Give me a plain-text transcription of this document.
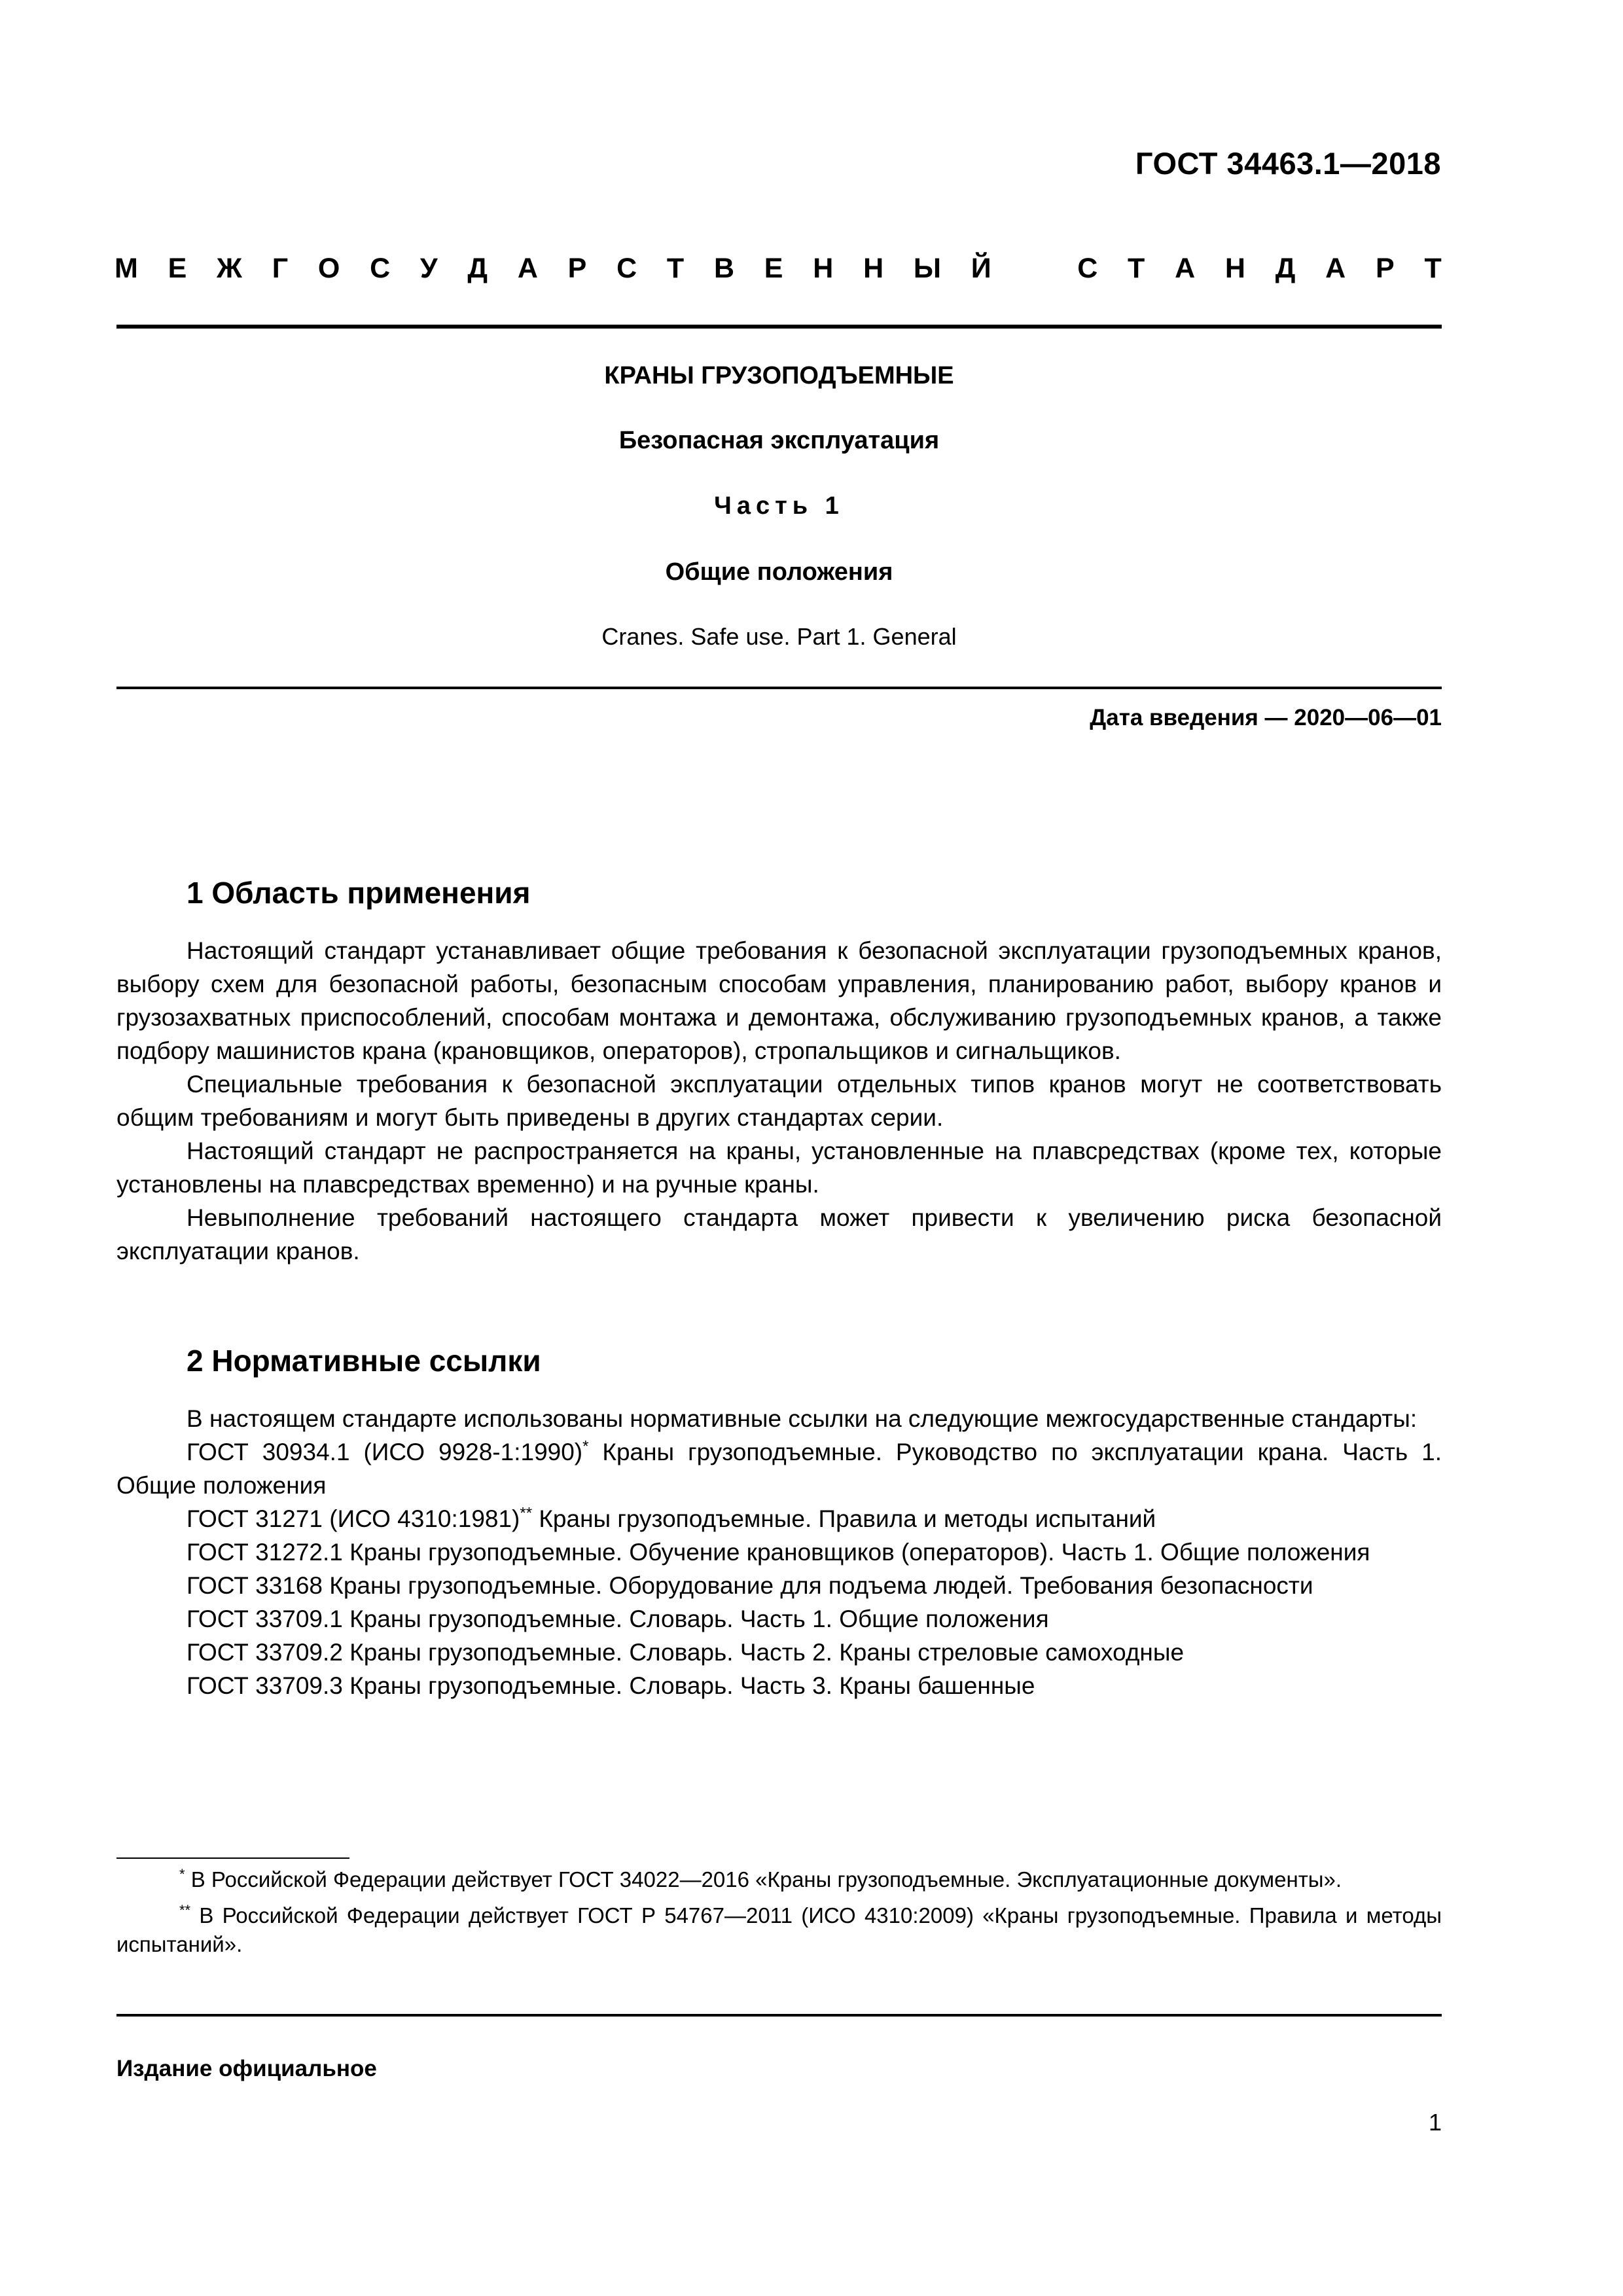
ГОСТ 34463.1—2018
М Е Ж Г О С У Д А Р С Т В Е Н Н Ы Й	С Т А Н Д А Р Т
КРАНЫ ГРУЗОПОДЪЕМНЫЕ
Безопасная эксплуатация
Часть 1
Общие положения
Cranes. Safe use. Part 1. General
Дата введения — 2020—06—01
1 Область применения

Настоящий стандарт устанавливает общие требования к безопасной эксплуатации грузоподъемных кранов, выбору схем для безопасной работы, безопасным способам управления, планированию работ, выбору кранов и грузозахватных приспособлений, способам монтажа и демонтажа, обслуживанию грузоподъемных кранов, а также подбору машинистов крана (крановщиков, операторов), стропальщиков и сигнальщиков.

Специальные требования к безопасной эксплуатации отдельных типов кранов могут не соответствовать общим требованиям и могут быть приведены в других стандартах серии.

Настоящий стандарт не распространяется на краны, установленные на плавсредствах (кроме тех, которые установлены на плавсредствах временно) и на ручные краны.

Невыполнение требований настоящего стандарта может привести к увеличению риска безопасной эксплуатации кранов.

2 Нормативные ссылки

В настоящем стандарте использованы нормативные ссылки на следующие межгосударственные стандарты:

ГОСТ 30934.1 (ИСО 9928-1:1990)* Краны грузоподъемные. Руководство по эксплуатации крана. Часть 1. Общие положения

ГОСТ 31271 (ИСО 4310:1981)** Краны грузоподъемные. Правила и методы испытаний

ГОСТ 31272.1 Краны грузоподъемные. Обучение крановщиков (операторов). Часть 1. Общие положения

ГОСТ 33168 Краны грузоподъемные. Оборудование для подъема людей. Требования безопасности

ГОСТ 33709.1 Краны грузоподъемные. Словарь. Часть 1. Общие положения

ГОСТ 33709.2 Краны грузоподъемные. Словарь. Часть 2. Краны стреловые самоходные

ГОСТ 33709.3 Краны грузоподъемные. Словарь. Часть 3. Краны башенные

* В Российской Федерации действует ГОСТ 34022—2016 «Краны грузоподъемные. Эксплуатационные документы».

** В Российской Федерации действует ГОСТ Р 54767—2011 (ИСО 4310:2009) «Краны грузоподъемные. Правила и методы испытаний».

Издание официальное
1
